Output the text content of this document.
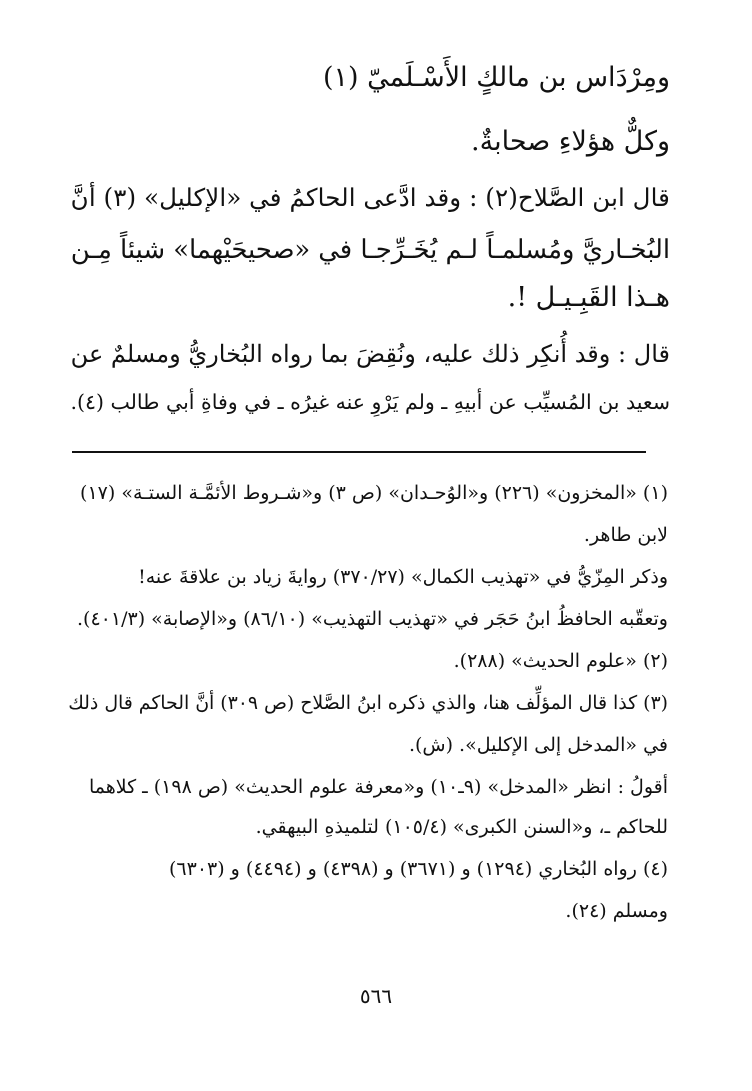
ومِرْدَاس بن مالكٍ الأَسْـلَميّ (١)
وكلٌّ هؤلاءِ صحابةٌ.
قال ابن الصَّلاح(٢) : وقد ادَّعى الحاكمُ في «الإكليل» (٣) أنَّ
البُخـاريَّ ومُسلمـاً لـم يُخَـرِّجـا في «صحيحَيْهما» شيئاً مِـن
هـذا القَبِـيـل !.
قال : وقد أُنكِر ذلك عليه، ونُقِضَ بما رواه البُخاريُّ ومسلمٌ عن
سعيد بن المُسيِّب عن أبيهِ ـ ولم يَرْوِ عنه غيرُه ـ في وفاةِ أبي طالب (٤).
(١) «المخزون» (٢٢٦) و«الوُحـدان» (ص ٣) و«شـروط الأئمَّـة الستـة» (١٧)
لابن طاهر.
وذكر المِزّيُّ في «تهذيب الكمال» (٣٧٠/٢٧) روايةَ زياد بن علاقةَ عنه!
وتعقّبه الحافظُ ابنُ حَجَر في «تهذيب التهذيب» (٨٦/١٠) و«الإصابة» (٤٠١/٣).
(٢) «علوم الحديث» (٢٨٨).
(٣) كذا قال المؤلِّف هنا، والذي ذكره ابنُ الصَّلاح (ص ٣٠٩) أنَّ الحاكم قال ذلك
في «المدخل إلى الإكليل». (ش).
أقولُ : انظر «المدخل» (٩ـ١٠) و«معرفة علوم الحديث» (ص ١٩٨) ـ كلاهما
للحاكم ـ، و«السنن الكبرى» (١٠٥/٤) لتلميذهِ البيهقي.
(٤) رواه البُخاري (١٢٩٤) و (٣٦٧١) و (٤٣٩٨) و (٤٤٩٤) و (٦٣٠٣)
ومسلم (٢٤).
٥٦٦
